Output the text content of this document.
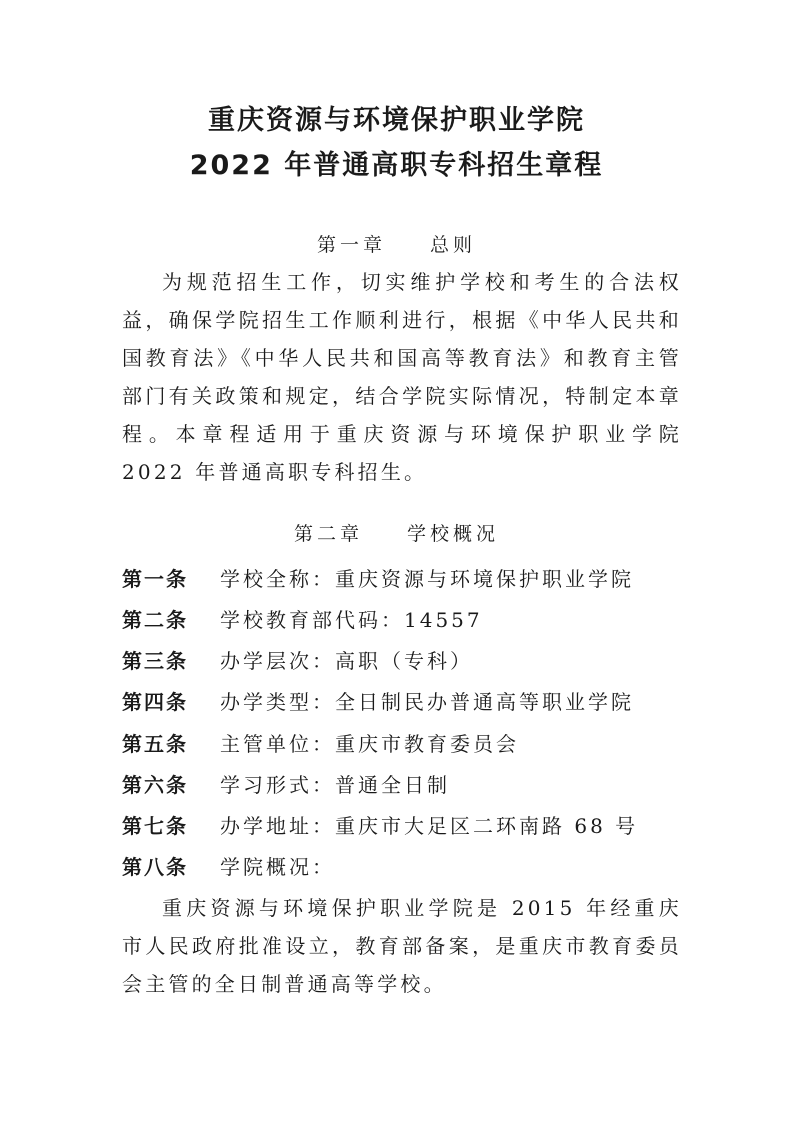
重庆资源与环境保护职业学院
2022 年普通高职专科招生章程
第一章 总则

为规范招生工作，切实维护学校和考生的合法权益，确保学院招生工作顺利进行，根据《中华人民共和国教育法》《中华人民共和国高等教育法》和教育主管部门有关政策和规定，结合学院实际情况，特制定本章程。本章程适用于重庆资源与环境保护职业学院 2022 年普通高职专科招生。

第二章 学校概况
第一条 学校全称：重庆资源与环境保护职业学院
第二条 学校教育部代码：14557
第三条 办学层次：高职（专科）
第四条 办学类型：全日制民办普通高等职业学院
第五条 主管单位：重庆市教育委员会
第六条 学习形式：普通全日制
第七条 办学地址：重庆市大足区二环南路 68 号
第八条 学院概况：

重庆资源与环境保护职业学院是 2015 年经重庆市人民政府批准设立，教育部备案，是重庆市教育委员会主管的全日制普通高等学校。
